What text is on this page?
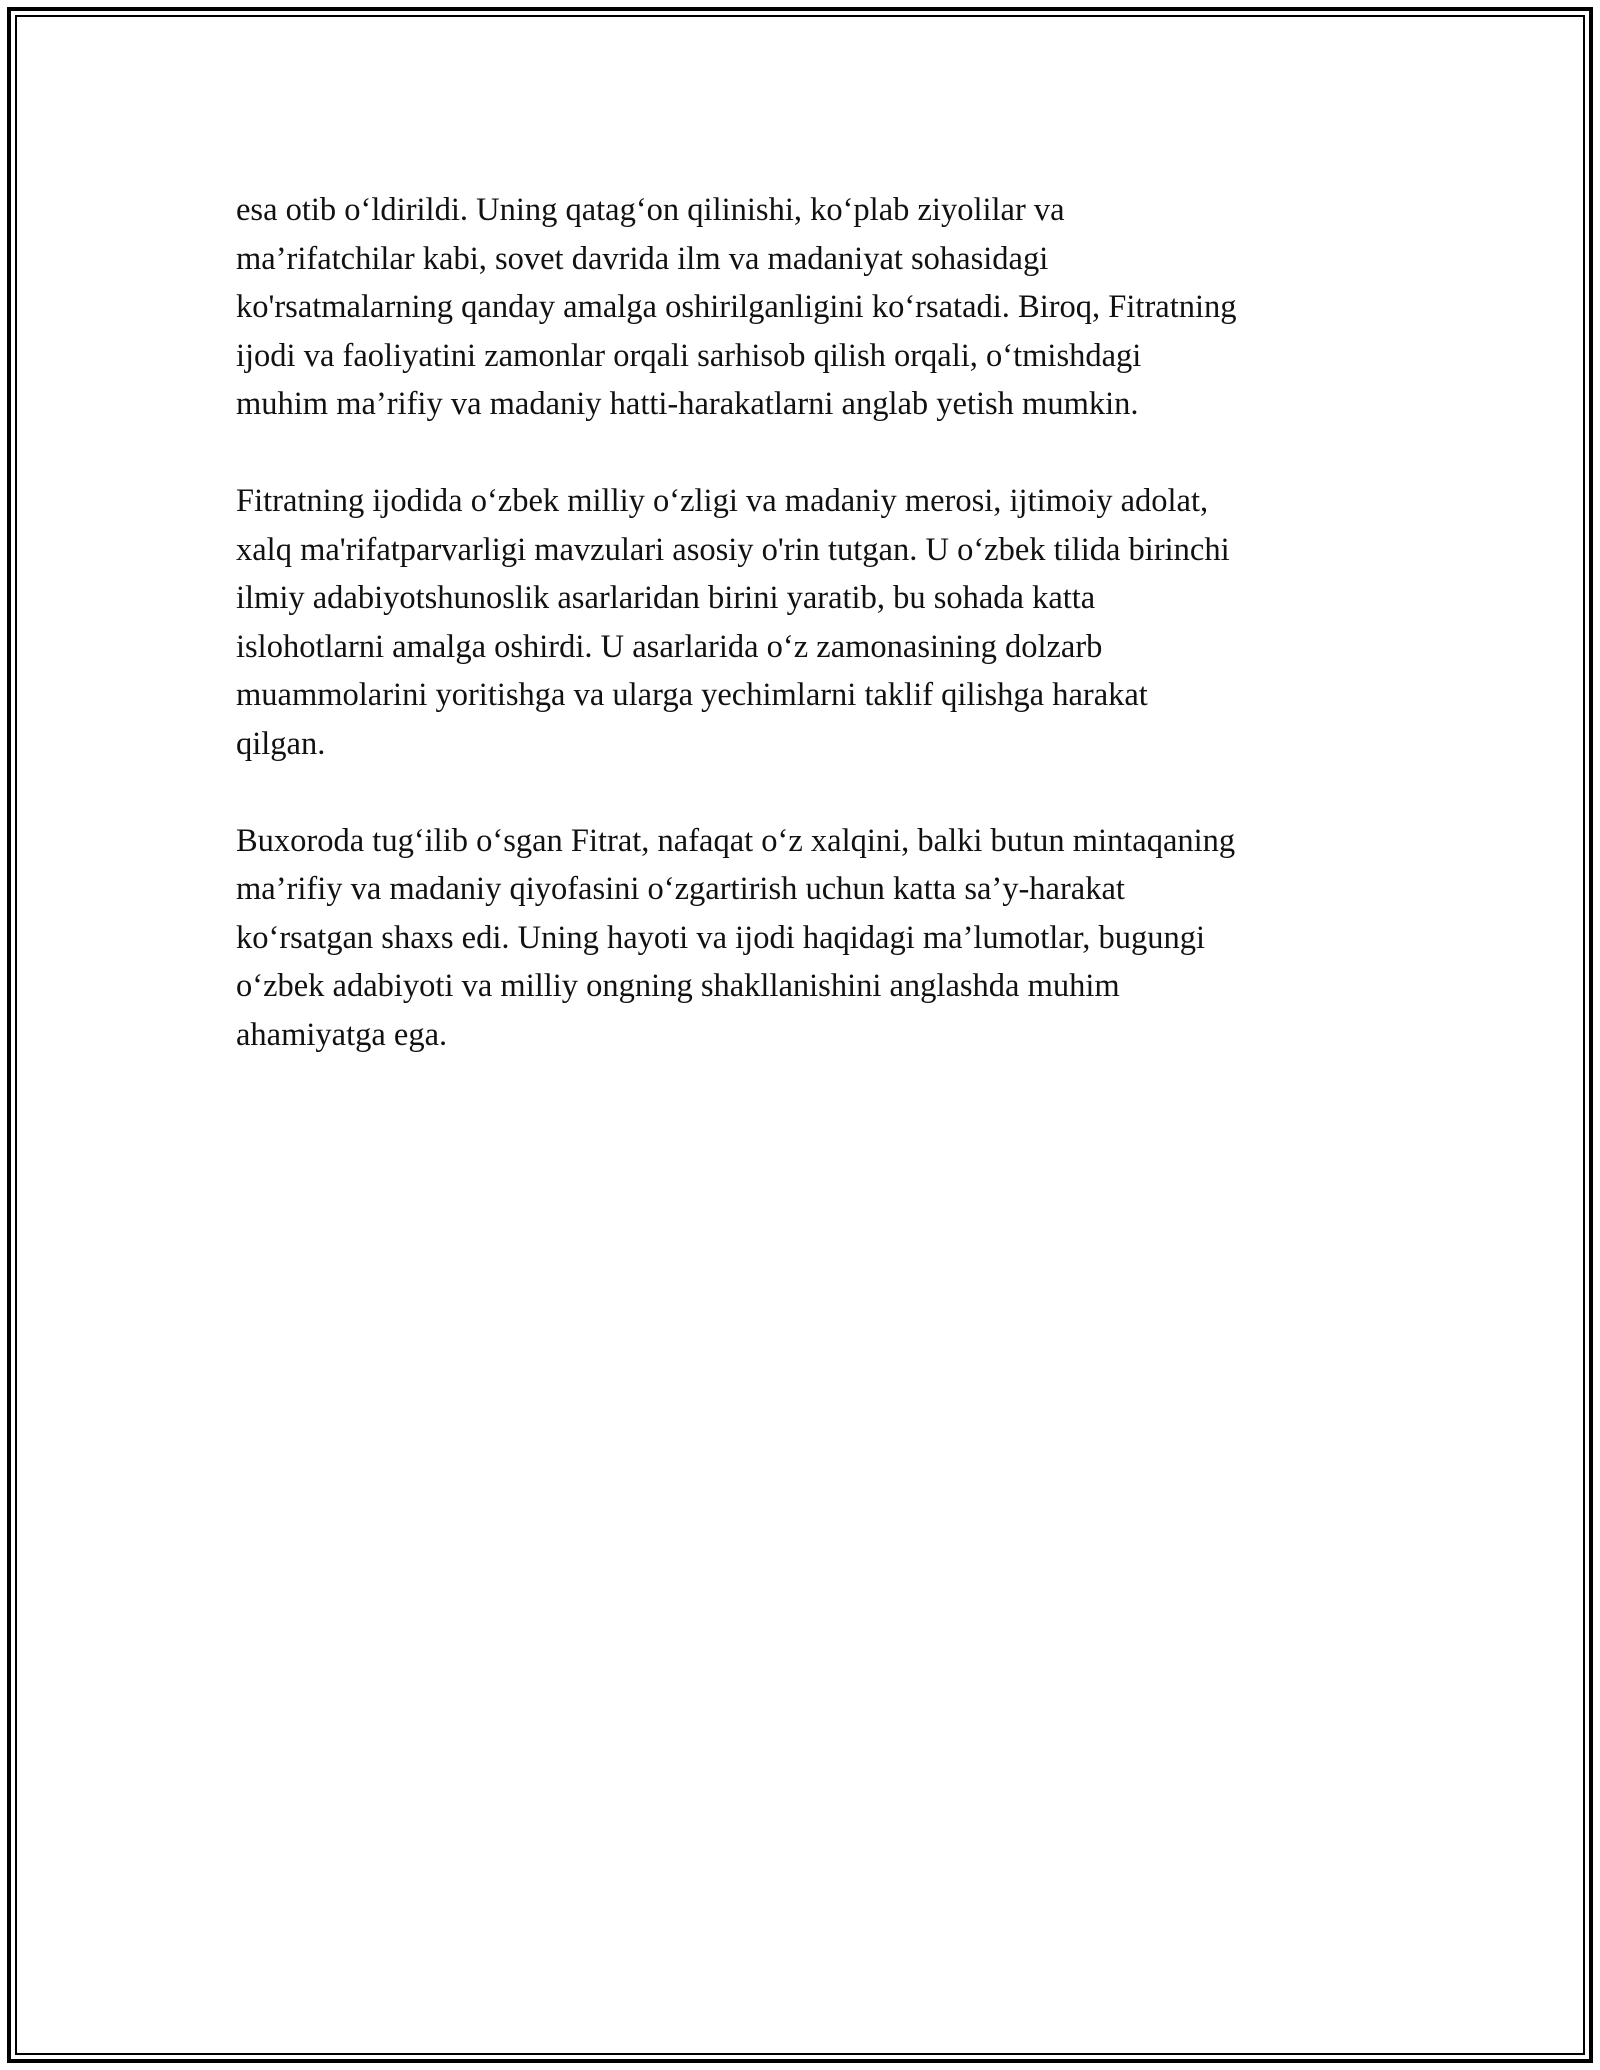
esa otib o‘ldirildi. Uning qatag‘on qilinishi, ko‘plab ziyolilar va
ma’rifatchilar kabi, sovet davrida ilm va madaniyat sohasidagi
ko'rsatmalarning qanday amalga oshirilganligini ko‘rsatadi. Biroq, Fitratning
ijodi va faoliyatini zamonlar orqali sarhisob qilish orqali, o‘tmishdagi
muhim ma’rifiy va madaniy hatti-harakatlarni anglab yetish mumkin.

Fitratning ijodida o‘zbek milliy o‘zligi va madaniy merosi, ijtimoiy adolat,
xalq ma'rifatparvarligi mavzulari asosiy o'rin tutgan. U o‘zbek tilida birinchi
ilmiy adabiyotshunoslik asarlaridan birini yaratib, bu sohada katta
islohotlarni amalga oshirdi. U asarlarida o‘z zamonasining dolzarb
muammolarini yoritishga va ularga yechimlarni taklif qilishga harakat
qilgan.

Buxoroda tug‘ilib o‘sgan Fitrat, nafaqat o‘z xalqini, balki butun mintaqaning
ma’rifiy va madaniy qiyofasini o‘zgartirish uchun katta sa’y-harakat
ko‘rsatgan shaxs edi. Uning hayoti va ijodi haqidagi ma’lumotlar, bugungi
o‘zbek adabiyoti va milliy ongning shakllanishini anglashda muhim
ahamiyatga ega.
